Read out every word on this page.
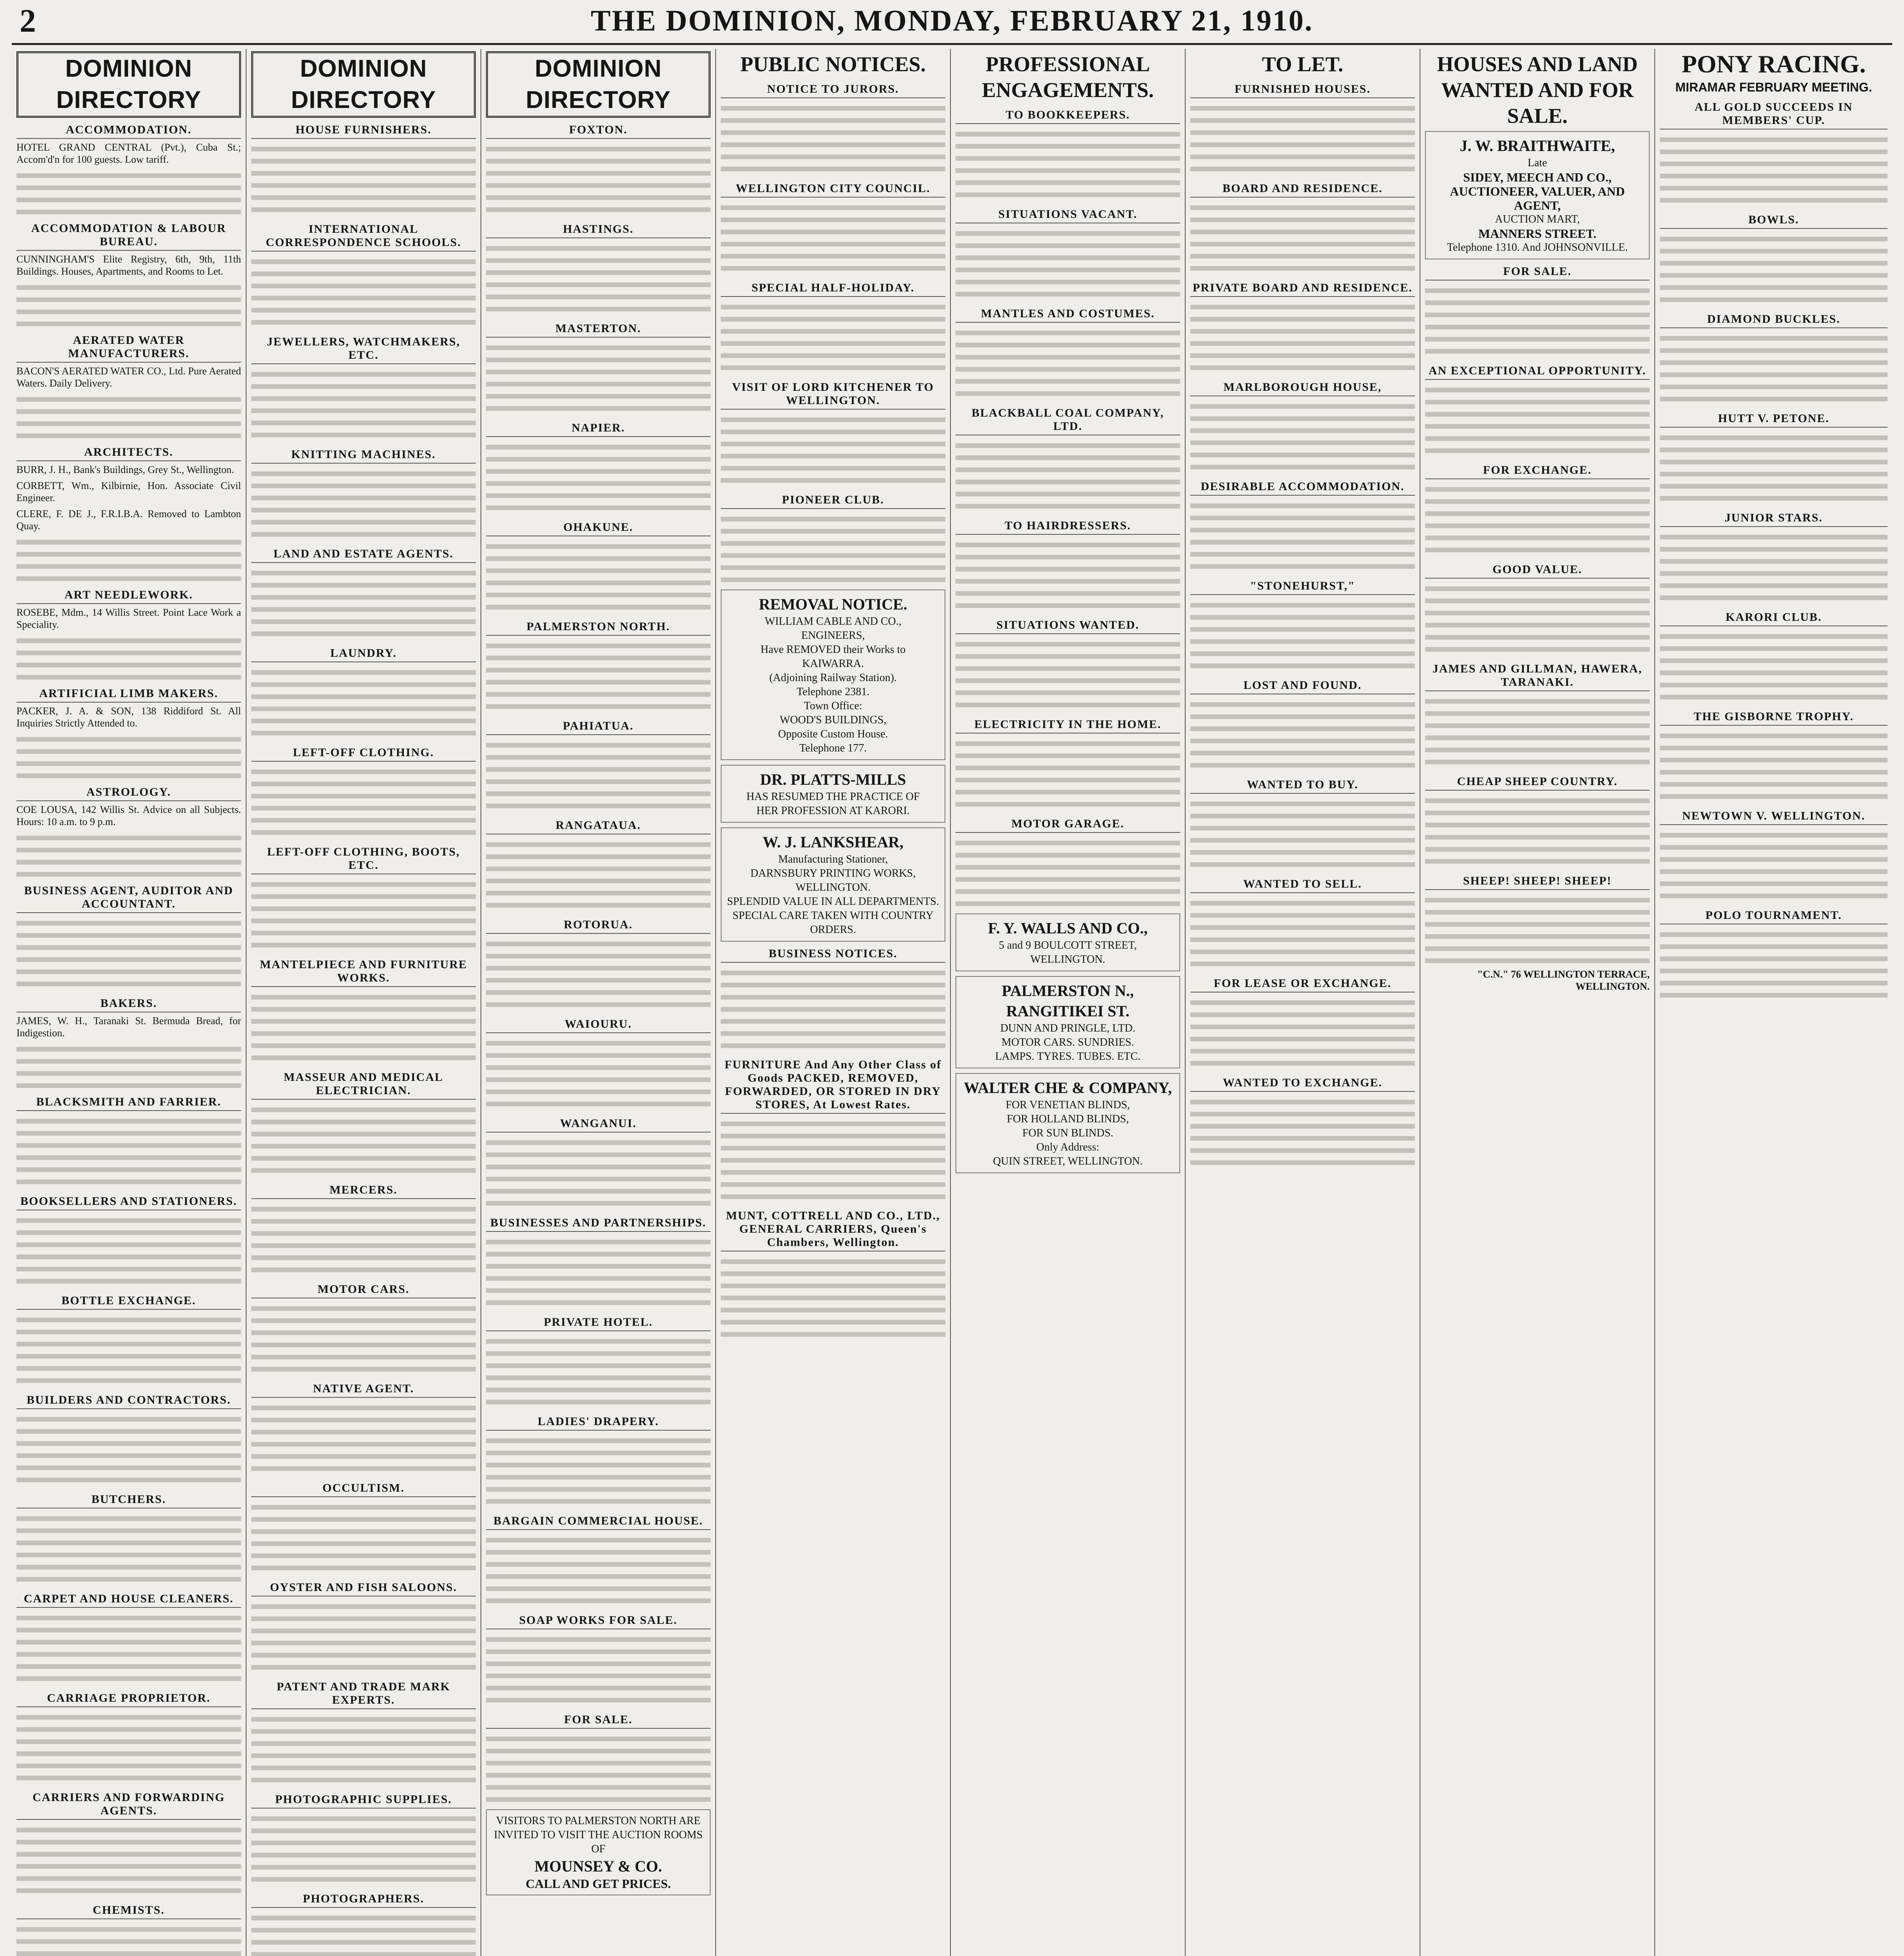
2	THE DOMINION, MONDAY, FEBRUARY 21, 1910.
DOMINION DIRECTORY
ACCOMMODATION.
HOTEL GRAND CENTRAL (Pvt.), Cuba St.; Accom'd'n for 100 guests. Low tariff.
ACCOMMODATION & LABOUR BUREAU.
CUNNINGHAM'S Elite Registry, 6th, 9th, 11th Buildings. Houses, Apartments, and Rooms to Let.
AERATED WATER MANUFACTURERS.
BACON'S AERATED WATER CO., Ltd. Pure Aerated Waters. Daily Delivery.
ARCHITECTS.
BURR, J. H., Bank's Buildings, Grey St., Wellington.
CORBETT, Wm., Kilbirnie, Hon. Associate Civil Engineer.
CLERE, F. DE J., F.R.I.B.A. Removed to Lambton Quay.
ART NEEDLEWORK.
ROSEBE, Mdm., 14 Willis Street. Point Lace Work a Speciality.
ARTIFICIAL LIMB MAKERS.
PACKER, J. A. & SON, 138 Riddiford St. All Inquiries Strictly Attended to.
ASTROLOGY.
COE LOUSA, 142 Willis St. Advice on all Subjects. Hours: 10 a.m. to 9 p.m.
BUSINESS AGENT, AUDITOR AND ACCOUNTANT.
BAKERS.
JAMES, W. H., Taranaki St. Bermuda Bread, for Indigestion.
BLACKSMITH AND FARRIER.
BOOKSELLERS AND STATIONERS.
BOTTLE EXCHANGE.
BUILDERS AND CONTRACTORS.
BUTCHERS.
CARPET AND HOUSE CLEANERS.
CARRIAGE PROPRIETOR.
CARRIERS AND FORWARDING AGENTS.
CHEMISTS.
DOMINION DIRECTORY
HOUSE FURNISHERS.
INTERNATIONAL CORRESPONDENCE SCHOOLS.
JEWELLERS, WATCHMAKERS, ETC.
KNITTING MACHINES.
LAND AND ESTATE AGENTS.
LAUNDRY.
LEFT-OFF CLOTHING.
LEFT-OFF CLOTHING, BOOTS, ETC.
MANTELPIECE AND FURNITURE WORKS.
MASSEUR AND MEDICAL ELECTRICIAN.
MERCERS.
MOTOR CARS.
NATIVE AGENT.
OCCULTISM.
OYSTER AND FISH SALOONS.
PATENT AND TRADE MARK EXPERTS.
PHOTOGRAPHIC SUPPLIES.
PHOTOGRAPHERS.
DOMINION DIRECTORY
FOXTON.
HASTINGS.
MASTERTON.
NAPIER.
OHAKUNE.
PALMERSTON NORTH.
PAHIATUA.
RANGATAUA.
ROTORUA.
WAIOURU.
WANGANUI.
BUSINESSES AND PARTNERSHIPS.
PRIVATE HOTEL.
LADIES' DRAPERY.
BARGAIN COMMERCIAL HOUSE.
SOAP WORKS FOR SALE.
FOR SALE.
VISITORS TO PALMERSTON NORTH ARE INVITED TO VISIT THE AUCTION ROOMS OF
MOUNSEY & CO.
CALL AND GET PRICES.
PUBLIC NOTICES.
NOTICE TO JURORS.
WELLINGTON CITY COUNCIL.
SPECIAL HALF-HOLIDAY.
VISIT OF LORD KITCHENER TO WELLINGTON.
PIONEER CLUB.
REMOVAL NOTICE.
WILLIAM CABLE AND CO.,
ENGINEERS,
Have REMOVED their Works to
KAIWARRA.
(Adjoining Railway Station).
Telephone 2381.
Town Office:
WOOD'S BUILDINGS,
Opposite Custom House.
Telephone 177.
DR. PLATTS-MILLS
HAS RESUMED THE PRACTICE OF
HER PROFESSION AT KARORI.
W. J. LANKSHEAR,
Manufacturing Stationer,
DARNSBURY PRINTING WORKS,
WELLINGTON.
SPLENDID VALUE IN ALL DEPARTMENTS.
SPECIAL CARE TAKEN WITH COUNTRY ORDERS.
BUSINESS NOTICES.
FURNITURE And Any Other Class of Goods PACKED, REMOVED, FORWARDED, OR STORED IN DRY STORES, At Lowest Rates.
MUNT, COTTRELL AND CO., LTD., GENERAL CARRIERS, Queen's Chambers, Wellington.
PROFESSIONAL ENGAGEMENTS.
TO BOOKKEEPERS.
SITUATIONS VACANT.
MANTLES AND COSTUMES.
BLACKBALL COAL COMPANY, LTD.
TO HAIRDRESSERS.
SITUATIONS WANTED.
ELECTRICITY IN THE HOME.
MOTOR GARAGE.
F. Y. WALLS AND CO.,
5 and 9 BOULCOTT STREET,
WELLINGTON.
PALMERSTON N., RANGITIKEI ST.
DUNN AND PRINGLE, LTD.
MOTOR CARS. SUNDRIES.
LAMPS. TYRES. TUBES. ETC.
WALTER CHE & COMPANY,
FOR VENETIAN BLINDS,
FOR HOLLAND BLINDS,
FOR SUN BLINDS.
Only Address:
QUIN STREET, WELLINGTON.
TO LET.
FURNISHED HOUSES.
BOARD AND RESIDENCE.
PRIVATE BOARD AND RESIDENCE.
MARLBOROUGH HOUSE,
DESIRABLE ACCOMMODATION.
"STONEHURST,"
LOST AND FOUND.
WANTED TO BUY.
WANTED TO SELL.
FOR LEASE OR EXCHANGE.
WANTED TO EXCHANGE.
HOUSES AND LAND WANTED AND FOR SALE.
J. W. BRAITHWAITE,
Late
SIDEY, MEECH AND CO.,
AUCTIONEER, VALUER, AND AGENT,
AUCTION MART,
MANNERS STREET.
Telephone 1310. And JOHNSONVILLE.
FOR SALE.
AN EXCEPTIONAL OPPORTUNITY.
FOR EXCHANGE.
GOOD VALUE.
JAMES AND GILLMAN, HAWERA, TARANAKI.
CHEAP SHEEP COUNTRY.
SHEEP! SHEEP! SHEEP!
"C.N." 76 WELLINGTON TERRACE, WELLINGTON.
PONY RACING.
MIRAMAR FEBRUARY MEETING.
ALL GOLD SUCCEEDS IN MEMBERS' CUP.
BOWLS.
DIAMOND BUCKLES.
HUTT V. PETONE.
JUNIOR STARS.
KARORI CLUB.
THE GISBORNE TROPHY.
NEWTOWN V. WELLINGTON.
POLO TOURNAMENT.
